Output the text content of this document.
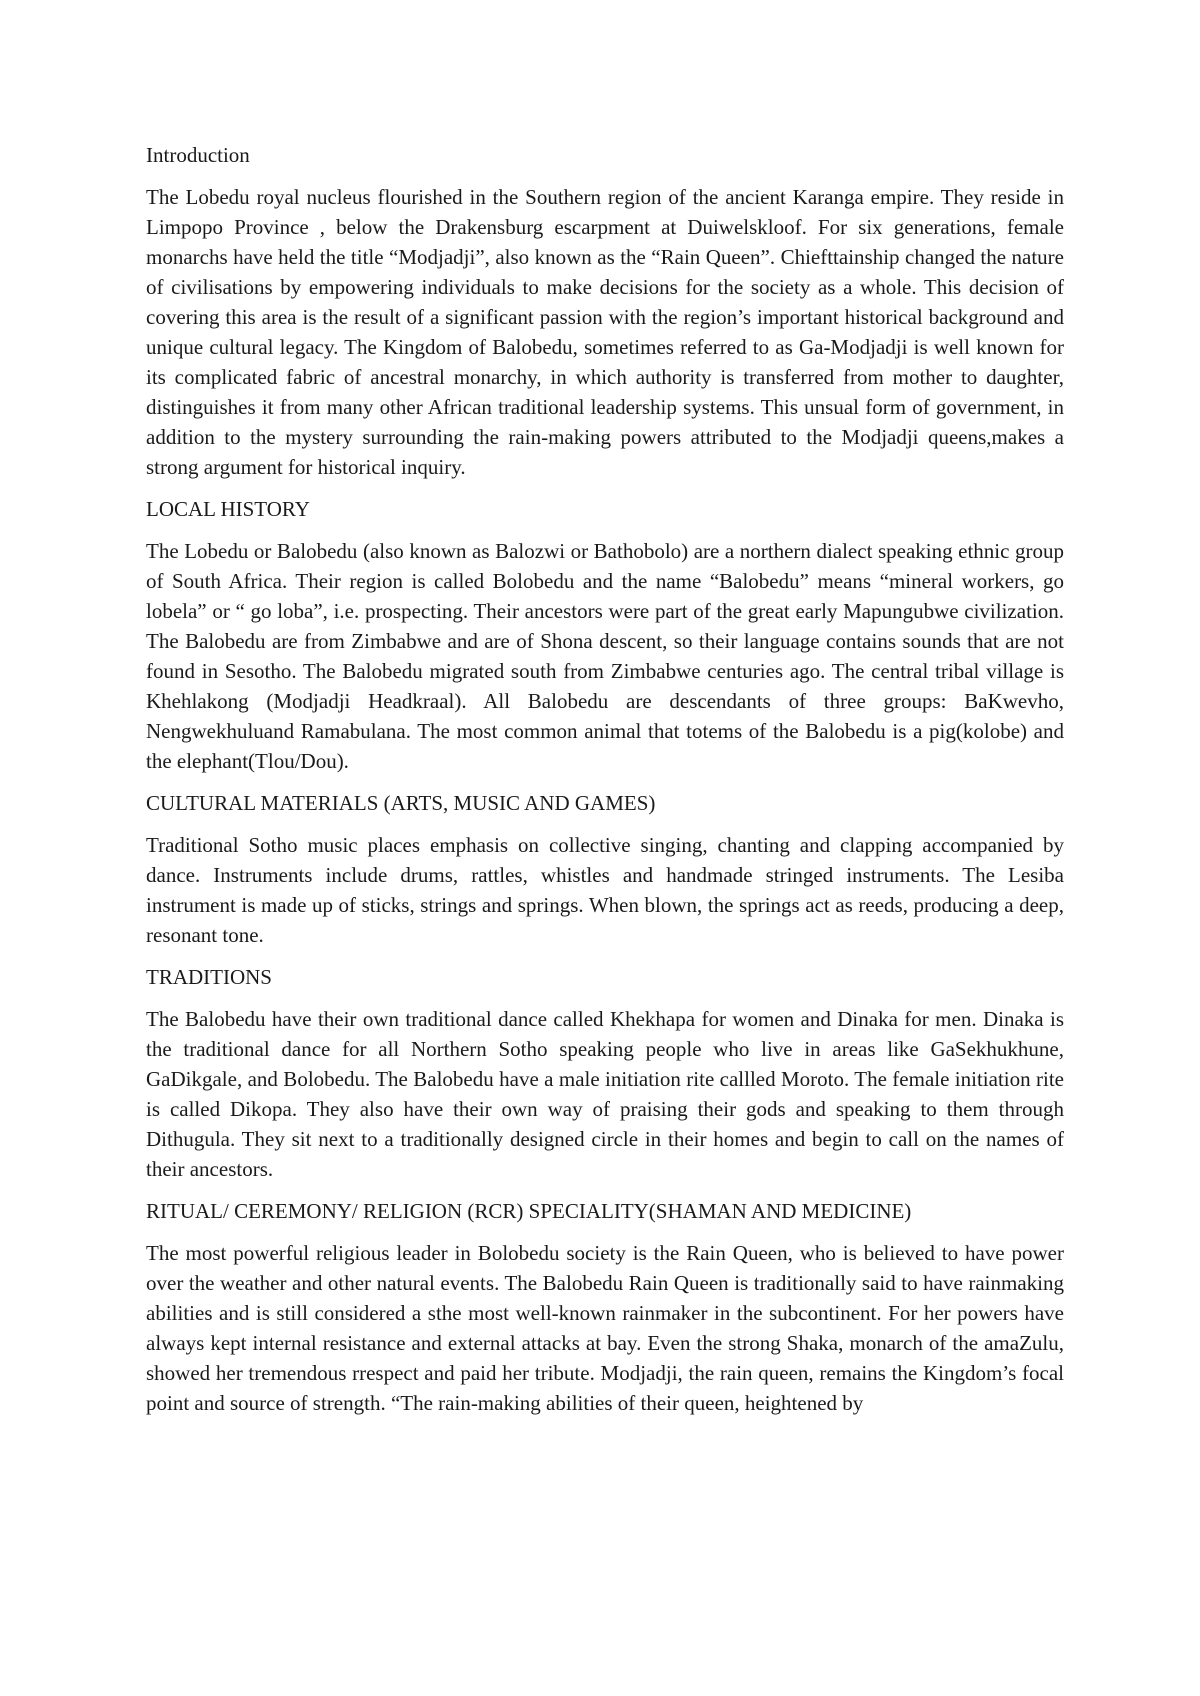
Introduction

The Lobedu royal nucleus flourished in the Southern region of the ancient Karanga empire. They reside in Limpopo Province , below the Drakensburg escarpment at Duiwelskloof. For six generations, female monarchs have held the title “Modjadji”, also known as the “Rain Queen”. Chiefttainship changed the nature of civilisations by empowering individuals to make decisions for the society as a whole. This decision of covering this area is the result of a significant passion with the region’s important historical background and unique cultural legacy. The Kingdom of Balobedu, sometimes referred to as Ga-Modjadji is well known for its complicated fabric of ancestral monarchy, in which authority is transferred from mother to daughter, distinguishes it from many other African traditional leadership systems. This unsual form of government, in addition to the mystery surrounding the rain-making powers attributed to the Modjadji queens,makes a strong argument for historical inquiry.

LOCAL HISTORY

The Lobedu or Balobedu (also known as Balozwi or Bathobolo) are a northern dialect speaking ethnic group of South Africa. Their region is called Bolobedu and the name “Balobedu” means “mineral workers, go lobela” or “ go loba”, i.e. prospecting. Their ancestors were part of the great early Mapungubwe civilization. The Balobedu are from Zimbabwe and are of Shona descent, so their language contains sounds that are not found in Sesotho. The Balobedu migrated south from Zimbabwe centuries ago. The central tribal village is Khehlakong (Modjadji Headkraal). All Balobedu are descendants of three groups: BaKwevho, Nengwekhuluand Ramabulana. The most common animal that totems of the Balobedu is a pig(kolobe) and the elephant(Tlou/Dou).

CULTURAL MATERIALS (ARTS, MUSIC AND GAMES)

Traditional Sotho music places emphasis on collective singing, chanting and clapping accompanied by dance. Instruments include drums, rattles, whistles and handmade stringed instruments. The Lesiba instrument is made up of sticks, strings and springs. When blown, the springs act as reeds, producing a deep, resonant tone.

TRADITIONS

The Balobedu have their own traditional dance called Khekhapa for women and Dinaka for men. Dinaka is the traditional dance for all Northern Sotho speaking people who live in areas like GaSekhukhune, GaDikgale, and Bolobedu. The Balobedu have a male initiation rite callled Moroto. The female initiation rite is called Dikopa. They also have their own way of praising their gods and speaking to them through Dithugula. They sit next to a traditionally designed circle in their homes and begin to call on the names of their ancestors.

RITUAL/ CEREMONY/ RELIGION (RCR) SPECIALITY(SHAMAN AND MEDICINE)

The most powerful religious leader in Bolobedu society is the Rain Queen, who is believed to have power over the weather and other natural events. The Balobedu Rain Queen is traditionally said to have rainmaking abilities and is still considered a sthe most well-known rainmaker in the subcontinent. For her powers have always kept internal resistance and external attacks at bay. Even the strong Shaka, monarch of the amaZulu, showed her tremendous rrespect and paid her tribute. Modjadji, the rain queen, remains the Kingdom’s focal point and source of strength. “The rain-making abilities of their queen, heightened by
